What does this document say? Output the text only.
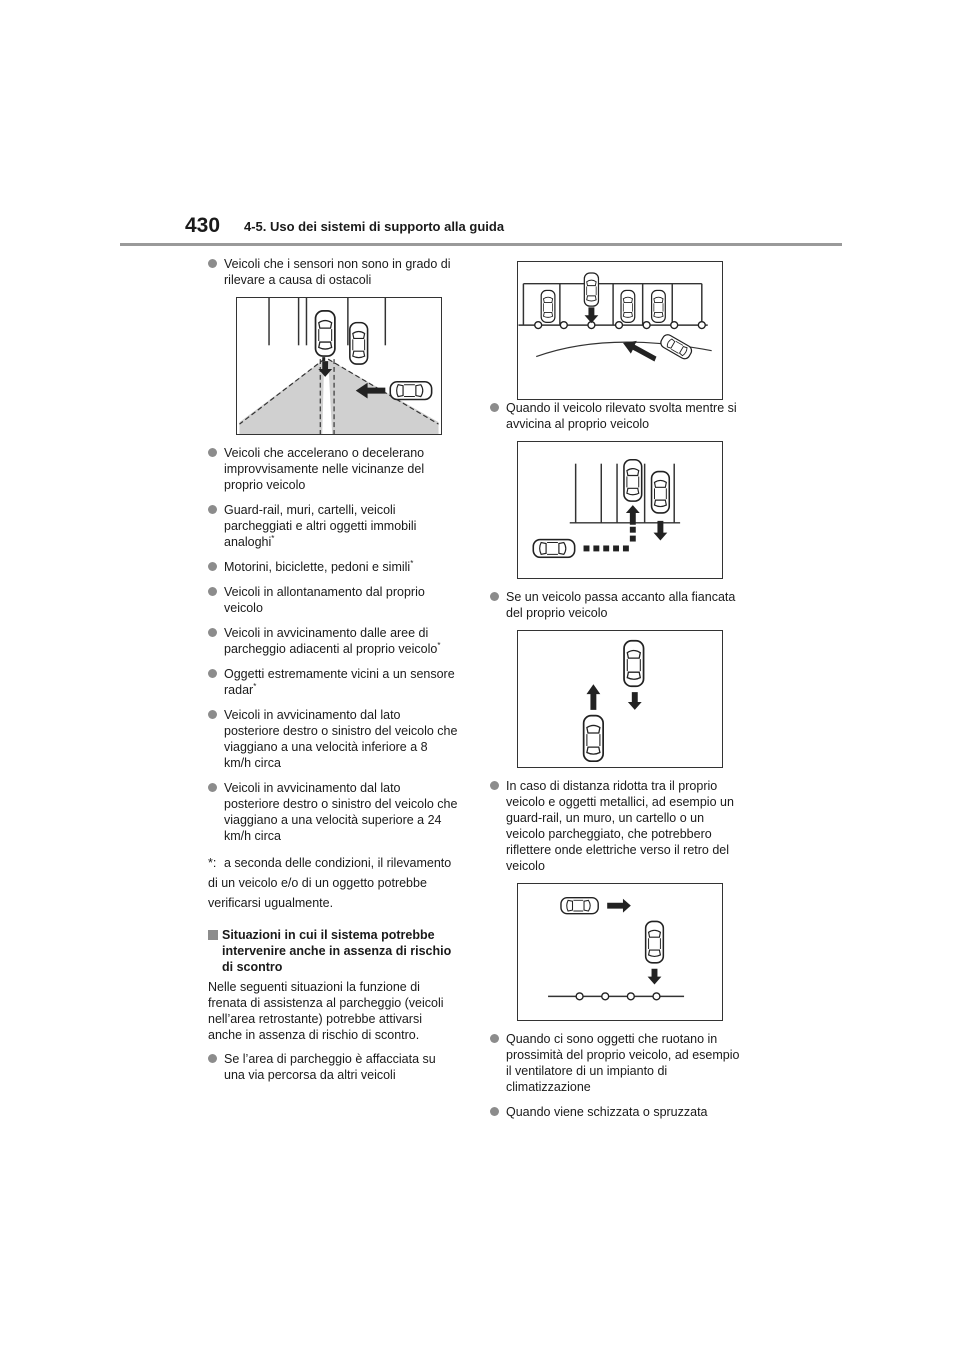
430 4-5. Uso dei sistemi di supporto alla guida

Veicoli che i sensori non sono in grado di rilevare a causa di ostacoli

Veicoli che accelerano o decelerano improvvisamente nelle vicinanze del proprio veicolo

Guard-rail, muri, cartelli, veicoli parcheggiati e altri oggetti immobili analoghi*

Motorini, biciclette, pedoni e simili*

Veicoli in allontanamento dal proprio veicolo

Veicoli in avvicinamento dalle aree di parcheggio adiacenti al proprio veicolo*

Oggetti estremamente vicini a un sensore radar*

Veicoli in avvicinamento dal lato posteriore destro o sinistro del veicolo che viaggiano a una velocità inferiore a 8 km/h circa

Veicoli in avvicinamento dal lato posteriore destro o sinistro del veicolo che viaggiano a una velocità superiore a 24 km/h circa

*: a seconda delle condizioni, il rilevamento di un veicolo e/o di un oggetto potrebbe verificarsi ugualmente.
Situazioni in cui il sistema potrebbe intervenire anche in assenza di rischio di scontro

Nelle seguenti situazioni la funzione di frenata di assistenza al parcheggio (veicoli nell’area retrostante) potrebbe attivarsi anche in assenza di rischio di scontro.

Se l’area di parcheggio è affacciata su una via percorsa da altri veicoli

Quando il veicolo rilevato svolta mentre si avvicina al proprio veicolo

Se un veicolo passa accanto alla fiancata del proprio veicolo

In caso di distanza ridotta tra il proprio veicolo e oggetti metallici, ad esempio un guard-rail, un muro, un cartello o un veicolo parcheggiato, che potrebbero riflettere onde elettriche verso il retro del veicolo

Quando ci sono oggetti che ruotano in prossimità del proprio veicolo, ad esempio il ventilatore di un impianto di climatizzazione

Quando viene schizzata o spruzzata
